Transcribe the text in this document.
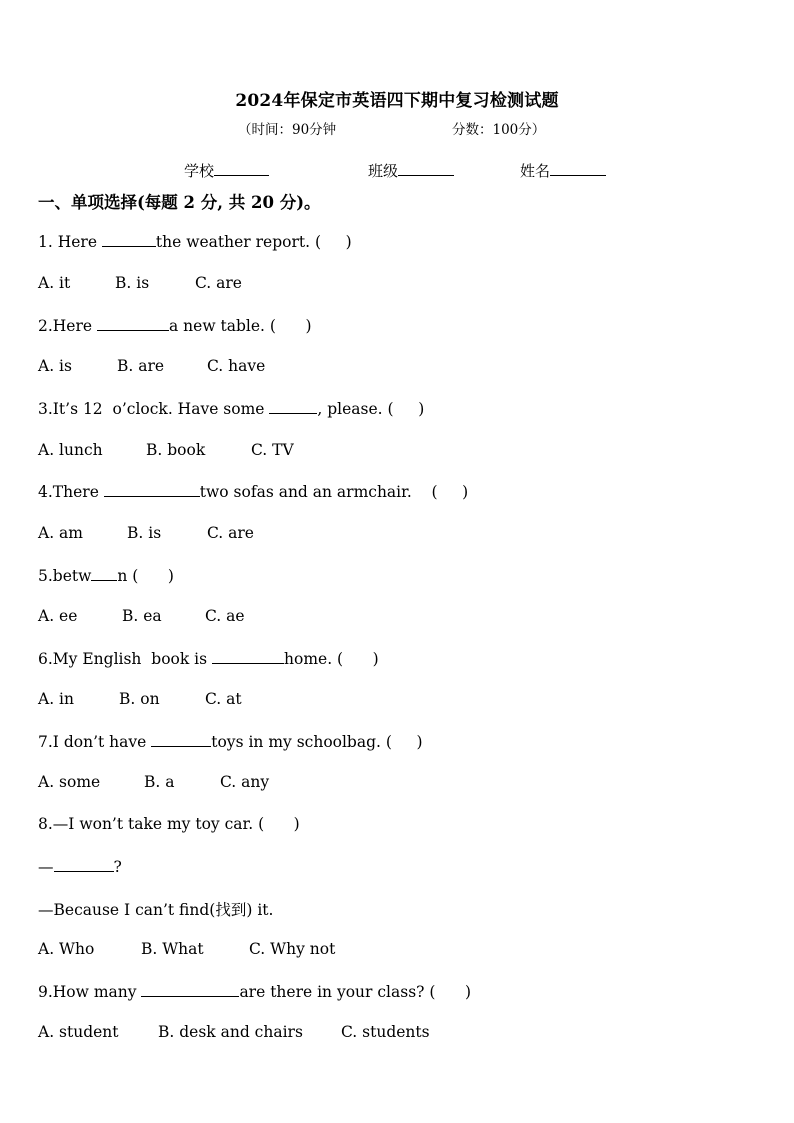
2024年保定市英语四下期中复习检测试题
（时间：90分钟	分数：100分）
学校	班级	姓名
一、单项选择(每题 2 分, 共 20 分)。
1. Here	the weather report. (     )
A. it	B. is	C. are
2.Here	a new table. (      )
A. is	B. are	C. have
3.It’s 12  o’clock. Have some	, please. (     )
A. lunch	B. book	C. TV
4.There	two sofas and an armchair.    (     )
A. am	B. is	C. are
5.betw n (      )
A. ee	B. ea	C. ae
6.My English  book is	home. (      )
A. in	B. on	C. at
7.I don’t have	toys in my schoolbag. (     )
A. some	B. a	C. any
8.—I won’t take my toy car. (      )
—	?
—Because I can’t find(找到) it.
A. Who	B. What	C. Why not
9.How many	are there in your class? (      )
A. student	B. desk and chairs C. students
